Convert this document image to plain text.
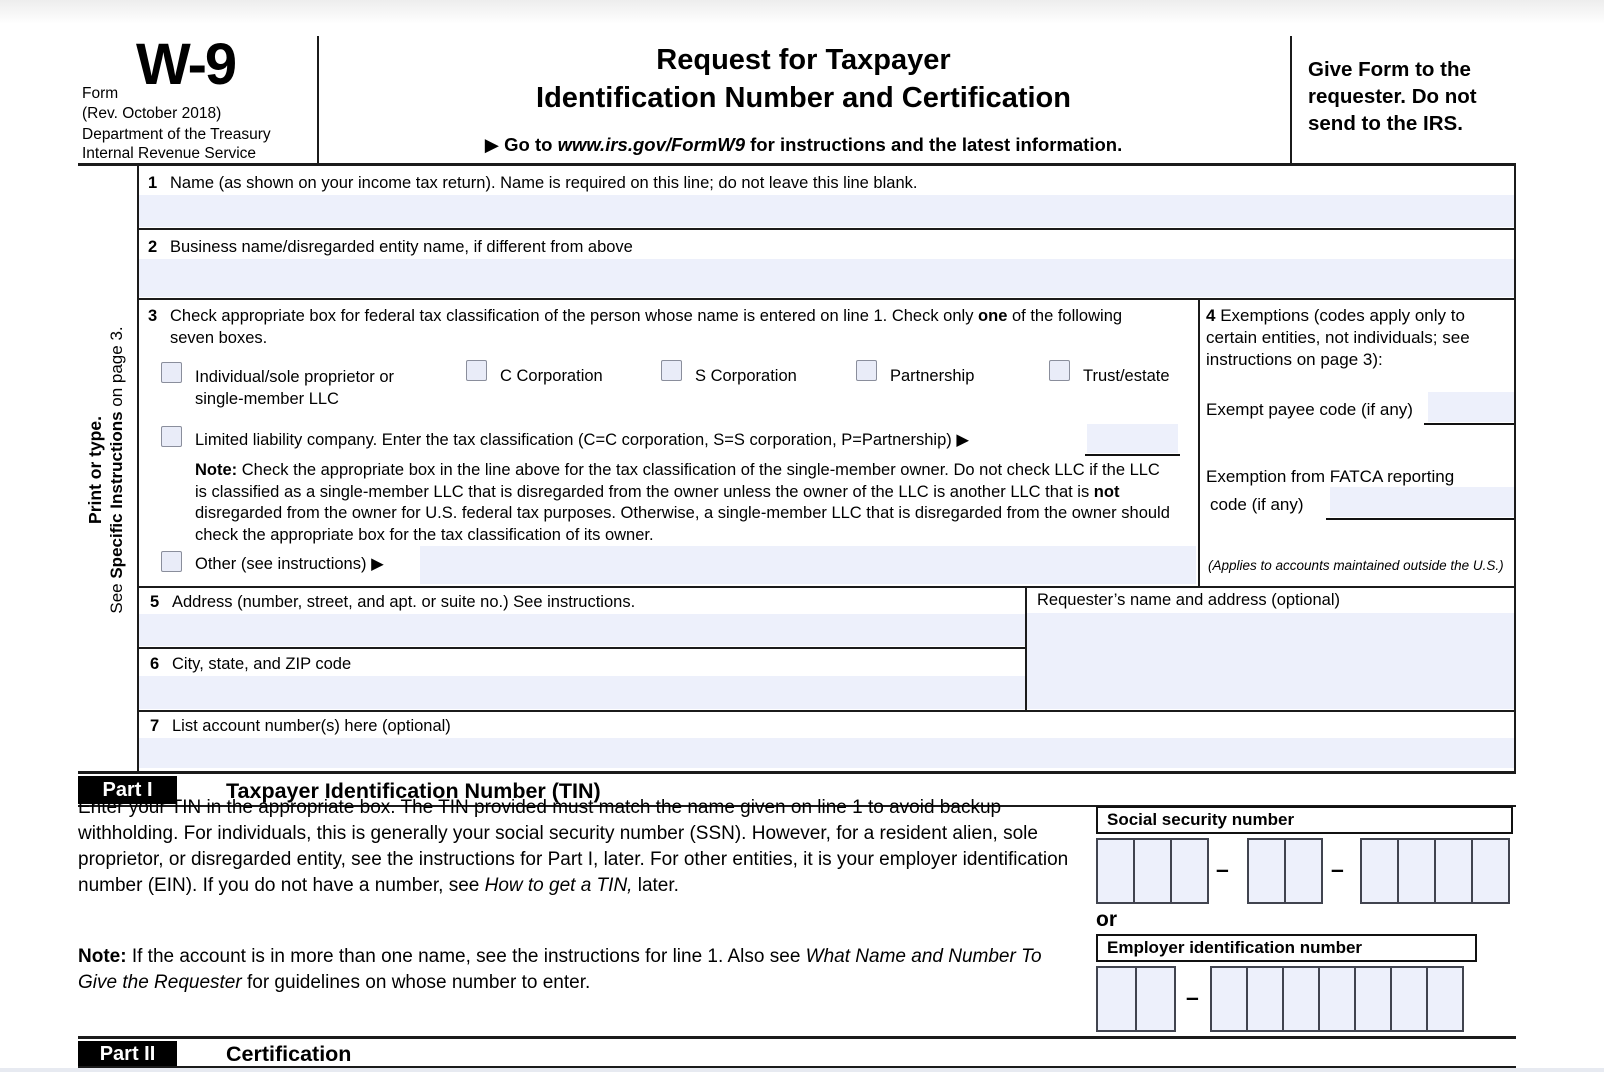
Form W-9
(Rev. October 2018)
Department of the Treasury
Internal Revenue Service
Request for Taxpayer
Identification Number and Certification
▶ Go to www.irs.gov/FormW9 for instructions and the latest information.
Give Form to the requester. Do not send to the IRS.
Print or type.
See Specific Instructions on page 3.
1 Name (as shown on your income tax return). Name is required on this line; do not leave this line blank.
2 Business name/disregarded entity name, if different from above
3 Check appropriate box for federal tax classification of the person whose name is entered on line 1. Check only one of the following seven boxes.
Individual/sole proprietor or single-member LLC
C Corporation	S Corporation	Partnership	Trust/estate
Limited liability company. Enter the tax classification (C=C corporation, S=S corporation, P=Partnership) ▶
Note: Check the appropriate box in the line above for the tax classification of the single-member owner. Do not check LLC if the LLC is classified as a single-member LLC that is disregarded from the owner unless the owner of the LLC is another LLC that is not disregarded from the owner for U.S. federal tax purposes. Otherwise, a single-member LLC that is disregarded from the owner should check the appropriate box for the tax classification of its owner.
Other (see instructions) ▶
4 Exemptions (codes apply only to certain entities, not individuals; see instructions on page 3):
Exempt payee code (if any)
Exemption from FATCA reporting
code (if any)
(Applies to accounts maintained outside the U.S.)
5 Address (number, street, and apt. or suite no.) See instructions.	Requester’s name and address (optional)
6 City, state, and ZIP code
7 List account number(s) here (optional)
Part I	Taxpayer Identification Number (TIN)
Enter your TIN in the appropriate box. The TIN provided must match the name given on line 1 to avoid backup withholding. For individuals, this is generally your social security number (SSN). However, for a resident alien, sole proprietor, or disregarded entity, see the instructions for Part I, later. For other entities, it is your employer identification number (EIN). If you do not have a number, see How to get a TIN, later.
Note: If the account is in more than one name, see the instructions for line 1. Also see What Name and Number To Give the Requester for guidelines on whose number to enter.
Social security number
–	–
or
Employer identification number
–
Part II	Certification
